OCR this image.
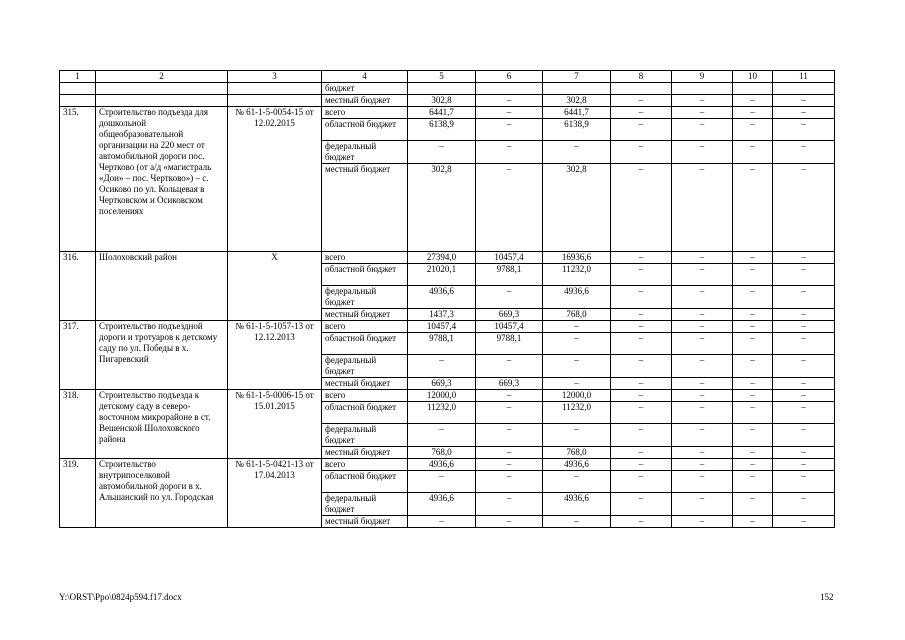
1	2	3	4	5	6	7	8	9	10	11
			бюджет							
			местный бюджет	302,8	–	302,8	–	–	–	–
315.	Строительство подъезда для дошкольной общеобразовательной организации на 220 мест от автомобильной дороги пос. Чертково (от а/д «магистраль «Дон» – пос. Чертково») – с. Осиково по ул. Кольцевая в Чертковском и Осиковском поселениях	№ 61-1-5-0054-15 от 12.02.2015	всего	6441,7	–	6441,7	–	–	–	–
			областной бюджет	6138,9	–	6138,9	–	–	–	–
			федеральный бюджет	–	–	–	–	–	–	–
			местный бюджет	302,8	–	302,8	–	–	–	–
316.	Шолоховский район	Х	всего	27394,0	10457,4	16936,6	–	–	–	–
			областной бюджет	21020,1	9788,1	11232,0	–	–	–	–
			федеральный бюджет	4936,6	–	4936,6	–	–	–	–
			местный бюджет	1437,3	669,3	768,0	–	–	–	–
317.	Строительство подъездной дороги и тротуаров к детскому саду по ул. Победы в х. Пигаревский	№ 61-1-5-1057-13 от 12.12.2013	всего	10457,4	10457,4	–	–	–	–	–
			областной бюджет	9788,1	9788,1	–	–	–	–	–
			федеральный бюджет	–	–	–	–	–	–	–
			местный бюджет	669,3	669,3	–	–	–	–	–
318.	Строительство подъезда к детскому саду в северо-восточном микрорайоне в ст. Вешенской Шолоховского района	№ 61-1-5-0006-15 от 15.01.2015	всего	12000,0	–	12000,0	–	–	–	–
			областной бюджет	11232,0	–	11232,0	–	–	–	–
			федеральный бюджет	–	–	–	–	–	–	–
			местный бюджет	768,0	–	768,0	–	–	–	–
319.	Строительство внутрипоселковой автомобильной дороги в х. Альшанский по ул. Городская	№ 61-1-5-0421-13 от 17.04.2013	всего	4936,6	–	4936,6	–	–	–	–
			областной бюджет	–	–	–	–	–	–	–
			федеральный бюджет	4936,6	–	4936,6	–	–	–	–
			местный бюджет	–	–	–	–	–	–	–
Y:\ORST\Ppo\0824p594.f17.docx	152
